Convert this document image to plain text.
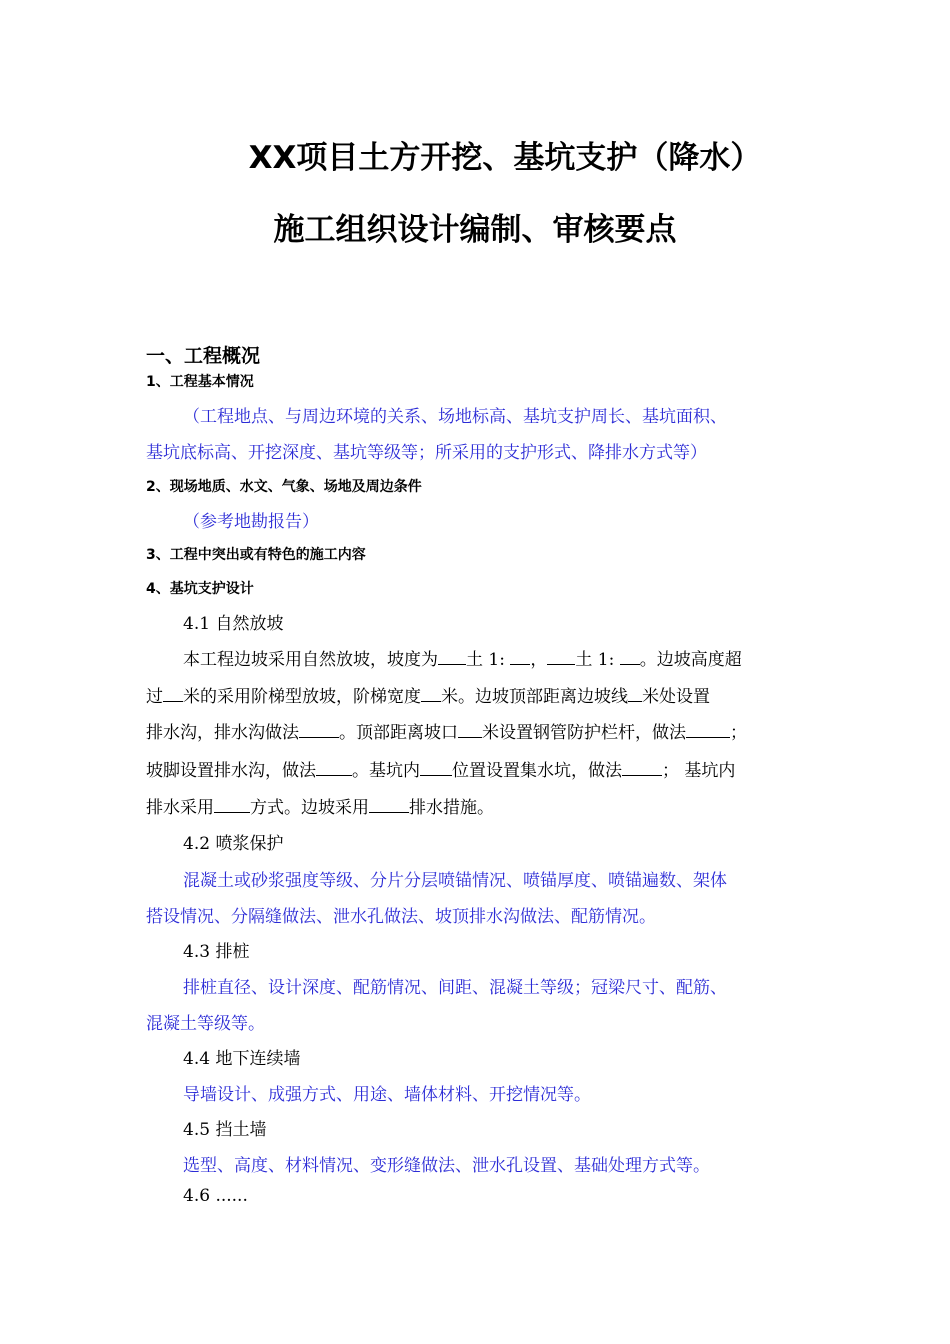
XX项目土方开挖、基坑支护（降水）
施工组织设计编制、审核要点
一、工程概况
1、工程基本情况
（工程地点、与周边环境的关系、场地标高、基坑支护周长、基坑面积、
基坑底标高、开挖深度、基坑等级等；所采用的支护形式、降排水方式等）
2、现场地质、水文、气象、场地及周边条件
（参考地勘报告）
3、工程中突出或有特色的施工内容
4、基坑支护设计
4.1 自然放坡
本工程边坡采用自然放坡，坡度为 土 1: ， 土 1: 。边坡高度超
过 米的采用阶梯型放坡，阶梯宽度 米。边坡顶部距离边坡线 米处设置
排水沟，排水沟做法 。顶部距离坡口 米设置钢管防护栏杆，做法	；
坡脚设置排水沟，做法 。基坑内 位置设置集水坑，做法 ； 基坑内
排水采用 方式。边坡采用 排水措施。
4.2 喷浆保护
混凝土或砂浆强度等级、分片分层喷锚情况、喷锚厚度、喷锚遍数、架体
搭设情况、分隔缝做法、泄水孔做法、坡顶排水沟做法、配筋情况。
4.3 排桩
排桩直径、设计深度、配筋情况、间距、混凝土等级；冠梁尺寸、配筋、
混凝土等级等。
4.4 地下连续墙
导墙设计、成强方式、用途、墙体材料、开挖情况等。
4.5 挡土墙
选型、高度、材料情况、变形缝做法、泄水孔设置、基础处理方式等。
4.6 ......
